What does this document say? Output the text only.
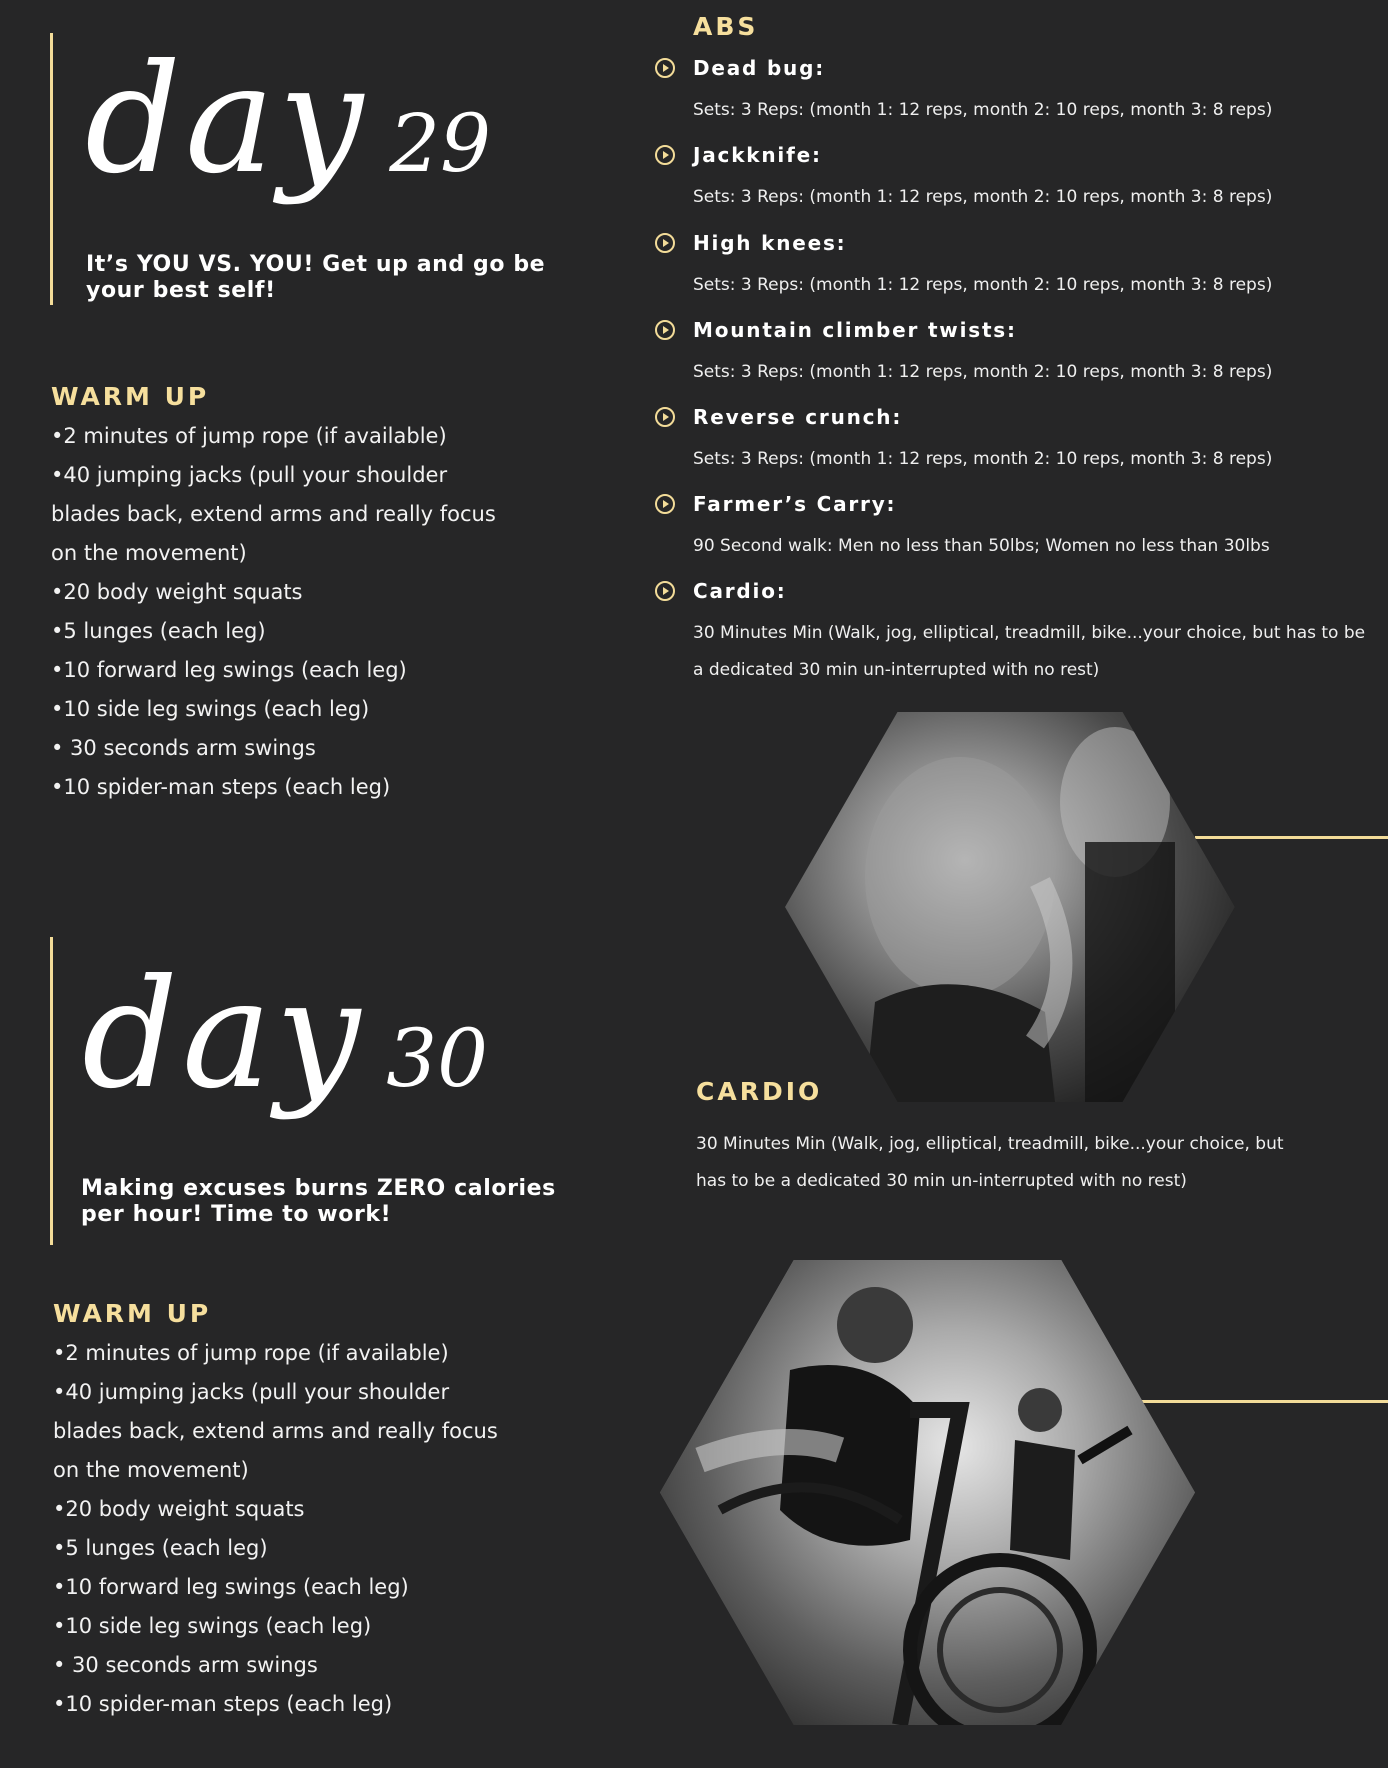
day 29
It’s YOU VS. YOU! Get up and go be your best self!
WARM UP
•2 minutes of jump rope (if available)
•40 jumping jacks (pull your shoulder blades back, extend arms and really focus on the movement)
•20 body weight squats
•5 lunges (each leg)
•10 forward leg swings (each leg)
•10 side leg swings (each leg)
• 30 seconds arm swings
•10 spider-man steps (each leg)
ABS
Dead bug:
Sets: 3 Reps: (month 1: 12 reps, month 2: 10 reps, month 3: 8 reps)
Jackknife:
Sets: 3 Reps: (month 1: 12 reps, month 2: 10 reps, month 3: 8 reps)
High knees:
Sets: 3 Reps: (month 1: 12 reps, month 2: 10 reps, month 3: 8 reps)
Mountain climber twists:
Sets: 3 Reps: (month 1: 12 reps, month 2: 10 reps, month 3: 8 reps)
Reverse crunch:
Sets: 3 Reps: (month 1: 12 reps, month 2: 10 reps, month 3: 8 reps)
Farmer’s Carry:
90 Second walk: Men no less than 50lbs; Women no less than 30lbs
Cardio:
30 Minutes Min (Walk, jog, elliptical, treadmill, bike...your choice, but has to be a dedicated 30 min un-interrupted with no rest)
day 30
Making excuses burns ZERO calories per hour! Time to work!
WARM UP
•2 minutes of jump rope (if available)
•40 jumping jacks (pull your shoulder blades back, extend arms and really focus on the movement)
•20 body weight squats
•5 lunges (each leg)
•10 forward leg swings (each leg)
•10 side leg swings (each leg)
• 30 seconds arm swings
•10 spider-man steps (each leg)
CARDIO
30 Minutes Min (Walk, jog, elliptical, treadmill, bike...your choice, but has to be a dedicated 30 min un-interrupted with no rest)
